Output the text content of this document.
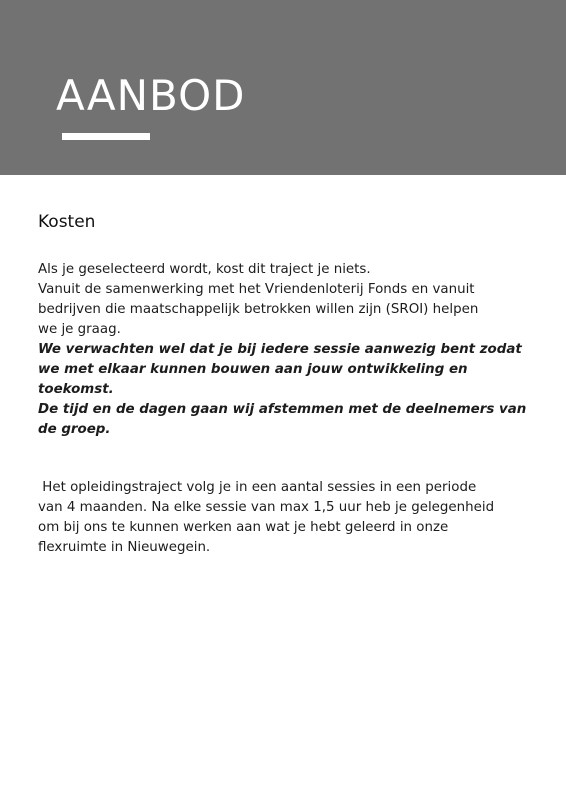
AANBOD
Kosten

Als je geselecteerd wordt, kost dit traject je niets.
Vanuit de samenwerking met het Vriendenloterij Fonds en vanuit
bedrijven die maatschappelijk betrokken willen zijn (SROI) helpen
we je graag.
We verwachten wel dat je bij iedere sessie aanwezig bent zodat
we met elkaar kunnen bouwen aan jouw ontwikkeling en
toekomst.
De tijd en de dagen gaan wij afstemmen met de deelnemers van
de groep.

Het opleidingstraject volg je in een aantal sessies in een periode
van 4 maanden. Na elke sessie van max 1,5 uur heb je gelegenheid
om bij ons te kunnen werken aan wat je hebt geleerd in onze
flexruimte in Nieuwegein.
